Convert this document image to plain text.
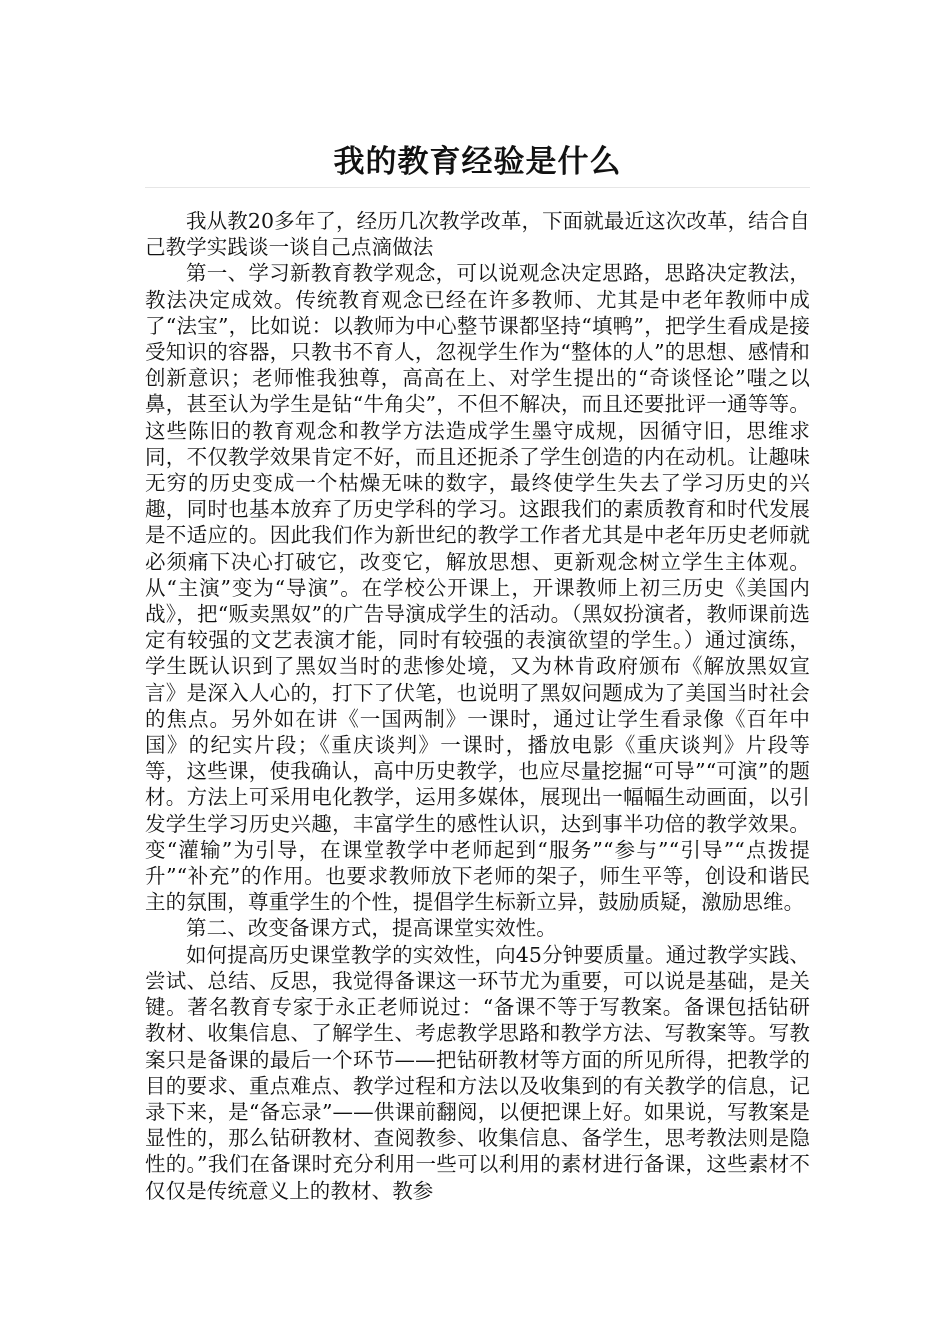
我的教育经验是什么

我从教20多年了，经历几次教学改革，下面就最近这次改革，结合自己教学实践谈一谈自己点滴做法

第一、学习新教育教学观念，可以说观念决定思路，思路决定教法，教法决定成效。传统教育观念已经在许多教师、尤其是中老年教师中成了“法宝”，比如说：以教师为中心整节课都坚持“填鸭”，把学生看成是接受知识的容器，只教书不育人，忽视学生作为“整体的人”的思想、感情和创新意识；老师惟我独尊，高高在上、对学生提出的“奇谈怪论”嗤之以鼻，甚至认为学生是钻“牛角尖”，不但不解决，而且还要批评一通等等。这些陈旧的教育观念和教学方法造成学生墨守成规，因循守旧，思维求同，不仅教学效果肯定不好，而且还扼杀了学生创造的内在动机。让趣味无穷的历史变成一个枯燥无味的数字，最终使学生失去了学习历史的兴趣，同时也基本放弃了历史学科的学习。这跟我们的素质教育和时代发展是不适应的。因此我们作为新世纪的教学工作者尤其是中老年历史老师就必须痛下决心打破它，改变它，解放思想、更新观念树立学生主体观。从“主演”变为“导演”。在学校公开课上，开课教师上初三历史《美国内战》，把“贩卖黑奴”的广告导演成学生的活动。（黑奴扮演者，教师课前选定有较强的文艺表演才能，同时有较强的表演欲望的学生。）通过演练，学生既认识到了黑奴当时的悲惨处境，又为林肯政府颁布《解放黑奴宣言》是深入人心的，打下了伏笔，也说明了黑奴问题成为了美国当时社会的焦点。另外如在讲《一国两制》一课时，通过让学生看录像《百年中国》的纪实片段；《重庆谈判》一课时，播放电影《重庆谈判》片段等等，这些课，使我确认，高中历史教学，也应尽量挖掘“可导”“可演”的题材。方法上可采用电化教学，运用多媒体，展现出一幅幅生动画面，以引发学生学习历史兴趣，丰富学生的感性认识，达到事半功倍的教学效果。变“灌输”为引导，在课堂教学中老师起到“服务”“参与”“引导”“点拨提升”“补充”的作用。也要求教师放下老师的架子，师生平等，创设和谐民主的氛围，尊重学生的个性，提倡学生标新立异，鼓励质疑，激励思维。

第二、改变备课方式，提高课堂实效性。

如何提高历史课堂教学的实效性，向45分钟要质量。通过教学实践、尝试、总结、反思，我觉得备课这一环节尤为重要，可以说是基础，是关键。著名教育专家于永正老师说过：“备课不等于写教案。备课包括钻研教材、收集信息、了解学生、考虑教学思路和教学方法、写教案等。写教案只是备课的最后一个环节——把钻研教材等方面的所见所得，把教学的目的要求、重点难点、教学过程和方法以及收集到的有关教学的信息，记录下来，是“备忘录”——供课前翻阅，以便把课上好。如果说，写教案是显性的，那么钻研教材、查阅教参、收集信息、备学生，思考教法则是隐性的。”我们在备课时充分利用一些可以利用的素材进行备课，这些素材不仅仅是传统意义上的教材、教参
